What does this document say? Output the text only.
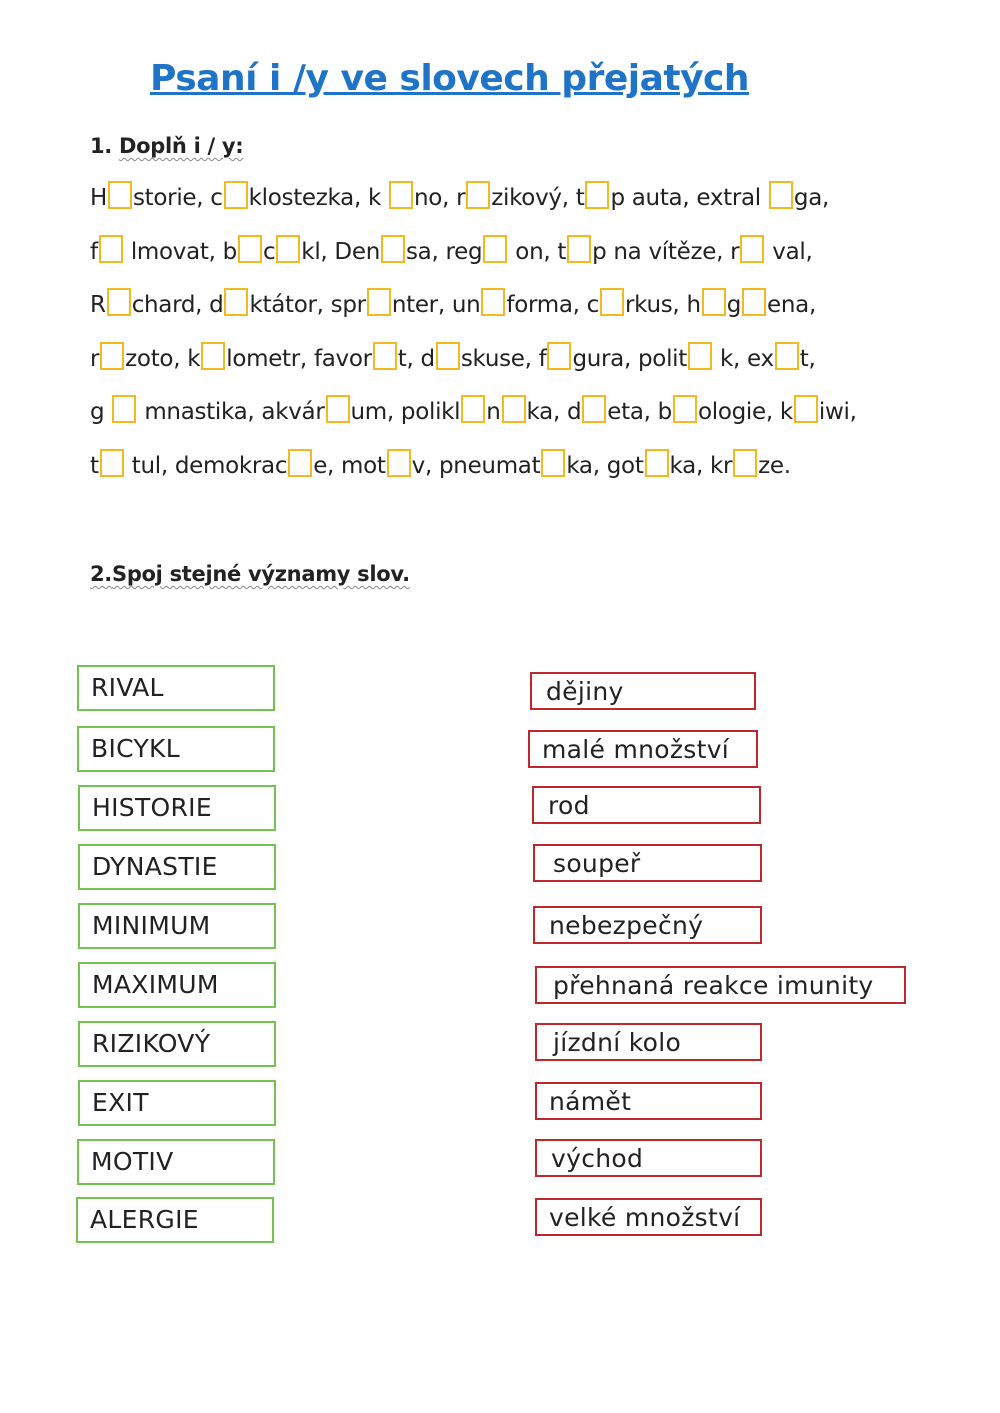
Psaní i /y ve slovech přejatých
1. Doplň i / y:
H storie, c klostezka, k no, r zikový, t p auta, extral ga,
f lmovat, b c kl, Den sa, reg on, t p na vítěze, r val,
R chard, d ktátor, spr nter, un forma, c rkus, h g ena,
r zoto, k lometr, favor t, d skuse, f gura, polit k, ex t,
g  mnastika, akvár um, polikl n ka, d eta, b ologie, k iwi,
t tul, demokrac e, mot v, pneumat ka, got ka, kr ze.
2.Spoj stejné významy slov.
RIVAL
BICYKL
HISTORIE
DYNASTIE
MINIMUM
MAXIMUM
RIZIKOVÝ
EXIT
MOTIV
ALERGIE
dějiny
malé množství
rod
soupeř
nebezpečný
přehnaná reakce imunity
jízdní kolo
námět
východ
velké množství
